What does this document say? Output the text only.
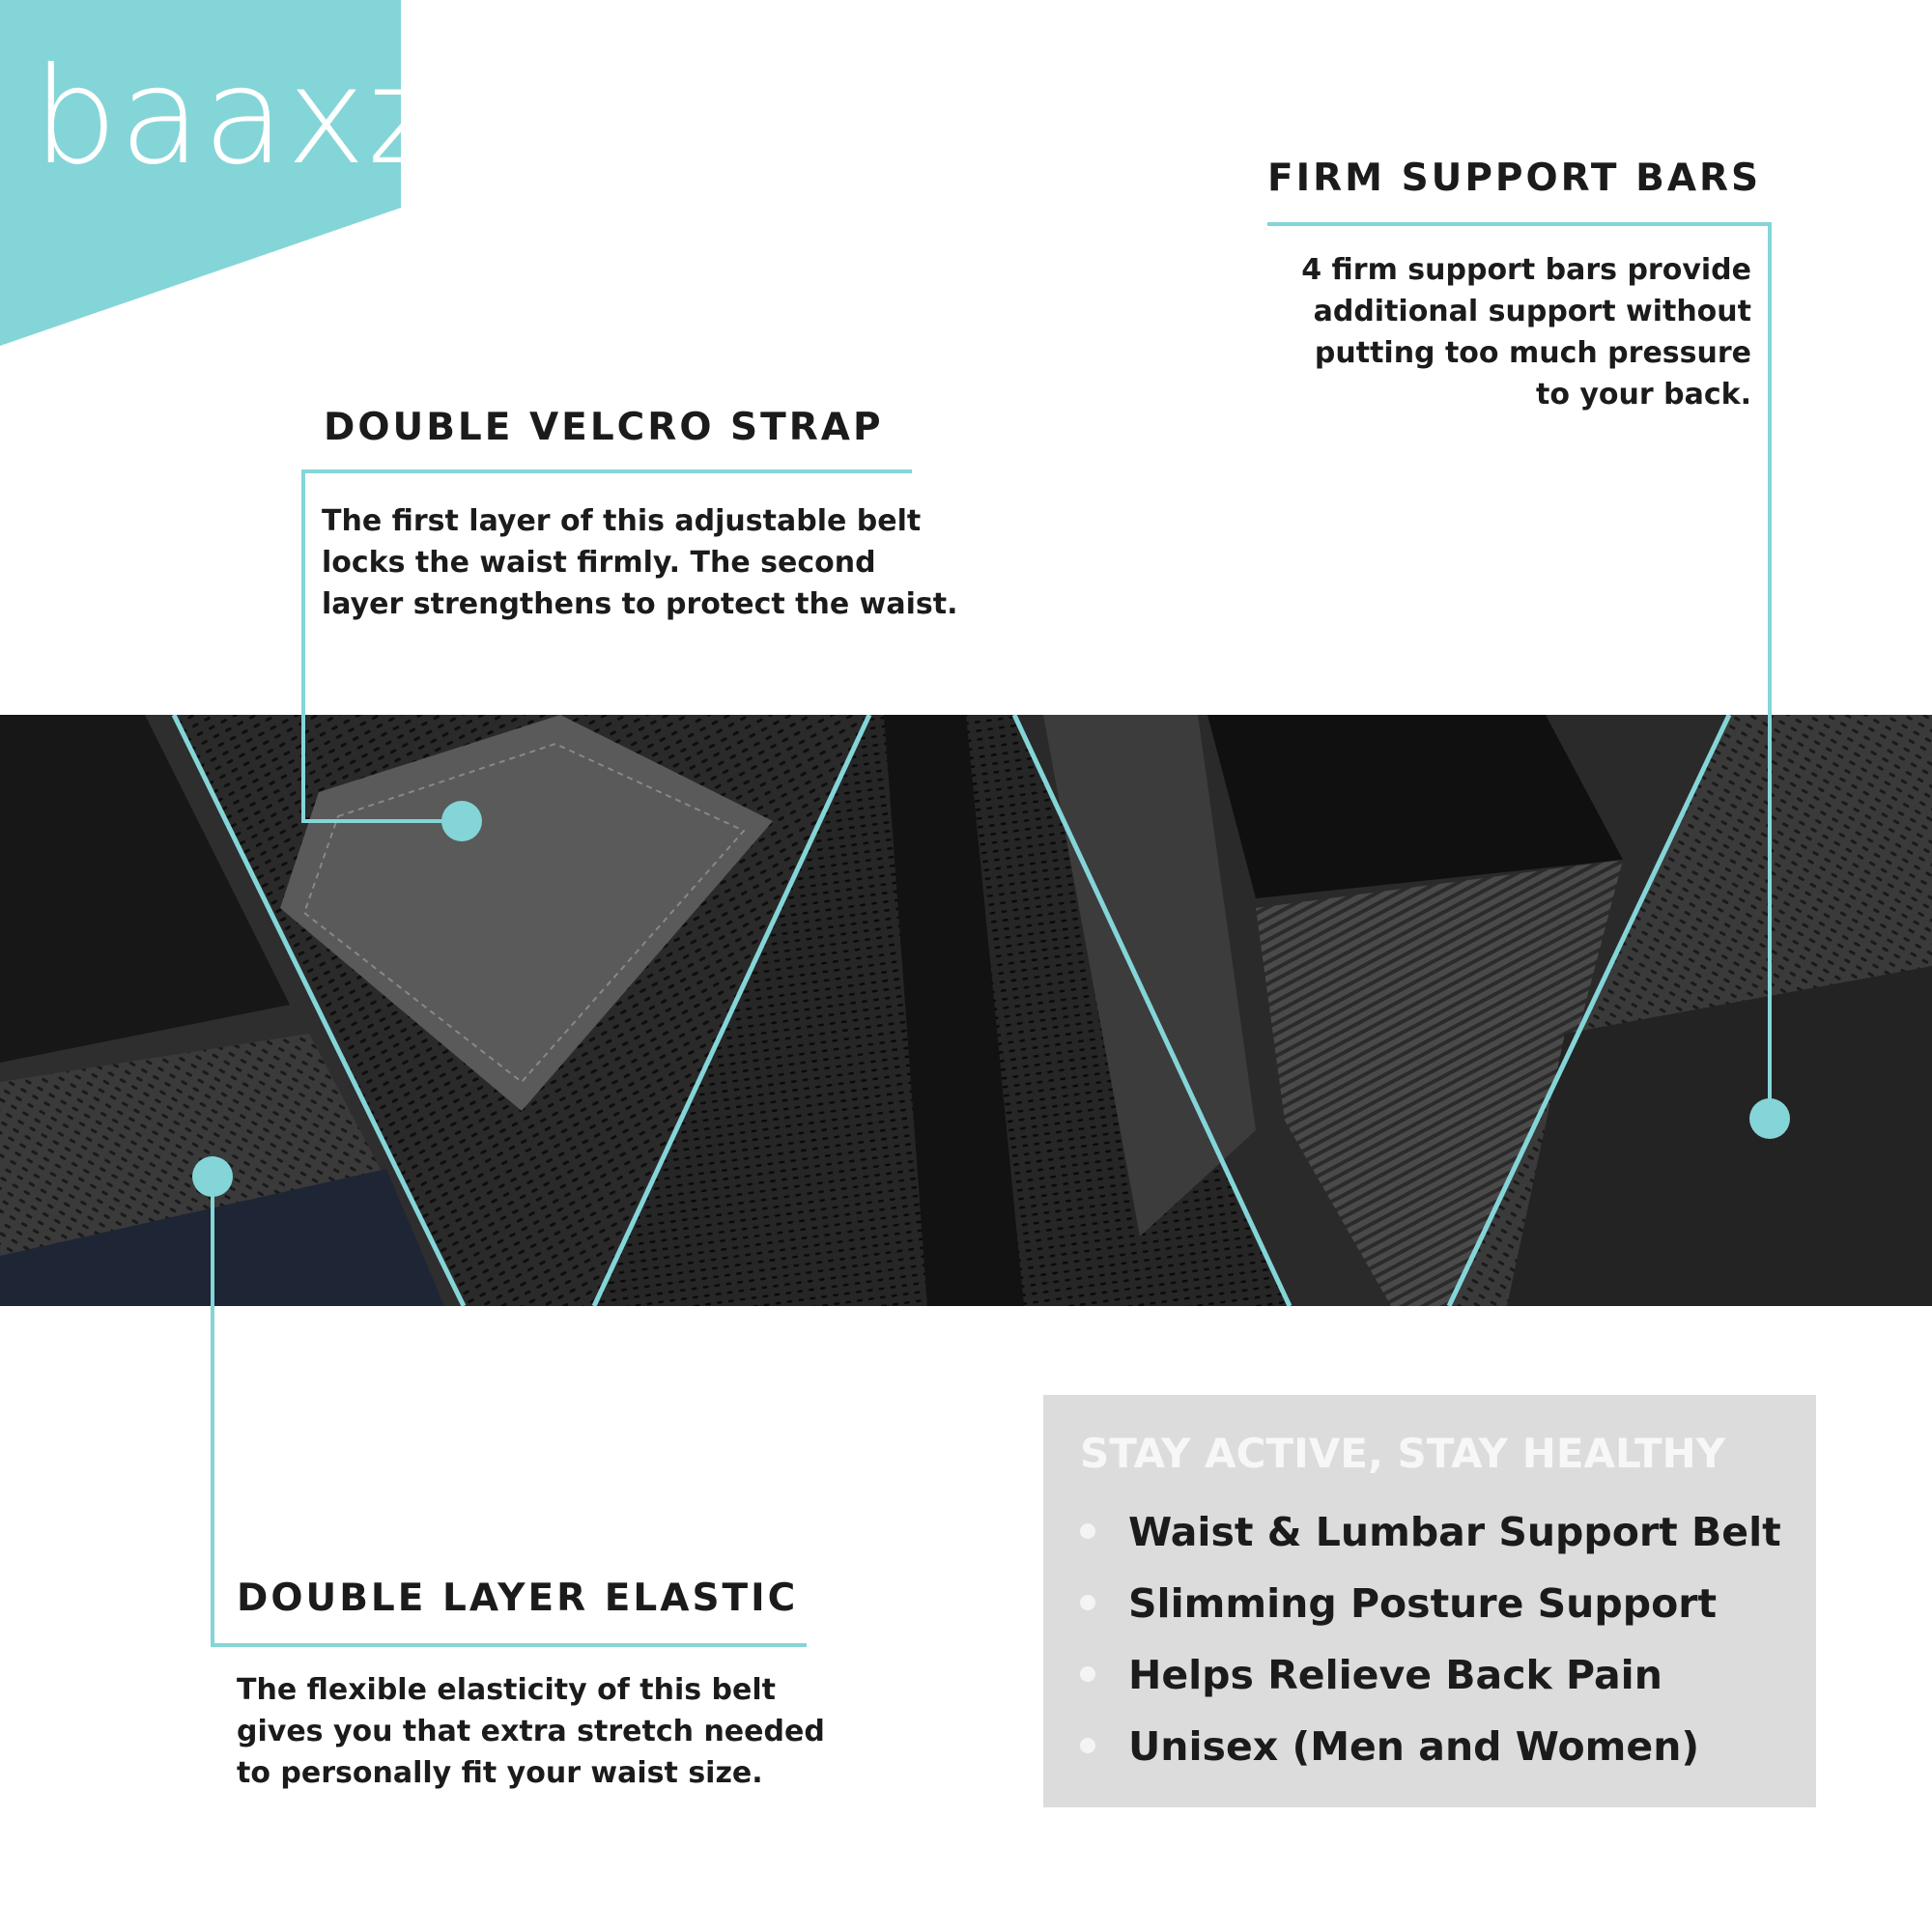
baaxz	FIRM SUPPORT BARS
4 firm support bars provide
additional support without
putting too much pressure
to your back.
DOUBLE VELCRO STRAP
The first layer of this adjustable belt
locks the waist firmly. The second
layer strengthens to protect the waist.
DOUBLE LAYER ELASTIC
The flexible elasticity of this belt
gives you that extra stretch needed
to personally fit your waist size.
STAY ACTIVE, STAY HEALTHY
Waist & Lumbar Support Belt
Slimming Posture Support
Helps Relieve Back Pain
Unisex (Men and Women)
